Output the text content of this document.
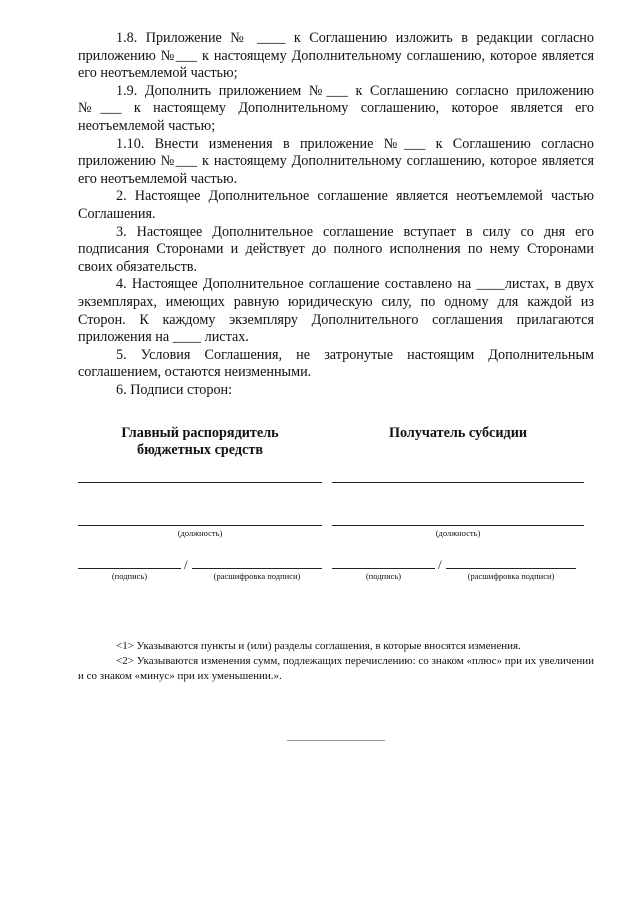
1.8. Приложение № ____ к Соглашению изложить в редакции согласно приложению №___ к настоящему Дополнительному соглашению, которое является его неотъемлемой частью;

1.9. Дополнить приложением №___ к Соглашению согласно приложению №___ к настоящему Дополнительному соглашению, которое является его неотъемлемой частью;

1.10. Внести изменения в приложение №___ к Соглашению согласно приложению №___ к настоящему Дополнительному соглашению, которое является его неотъемлемой частью.

2. Настоящее Дополнительное соглашение является неотъемлемой частью Соглашения.

3. Настоящее Дополнительное соглашение вступает в силу со дня его подписания Сторонами и действует до полного исполнения по нему Сторонами своих обязательств.

4. Настоящее Дополнительное соглашение составлено на ____листах, в двух экземплярах, имеющих равную юридическую силу, по одному для каждой из Сторон. К каждому экземпляру Дополнительного соглашения прилагаются приложения на ____ листах.

5. Условия Соглашения, не затронутые настоящим Дополнительным соглашением, остаются неизменными.

6. Подписи сторон:

Главный распорядитель
бюджетных средств
Получатель субсидии
(должность)	(должность)
/
(подпись)	(расшифровка подписи)
/
(подпись)	(расшифровка подписи)

<1> Указываются пункты и (или) разделы соглашения, в которые вносятся изменения.

<2> Указываются изменения сумм, подлежащих перечислению: со знаком «плюс» при их увеличении и со знаком «минус» при их уменьшении.».
